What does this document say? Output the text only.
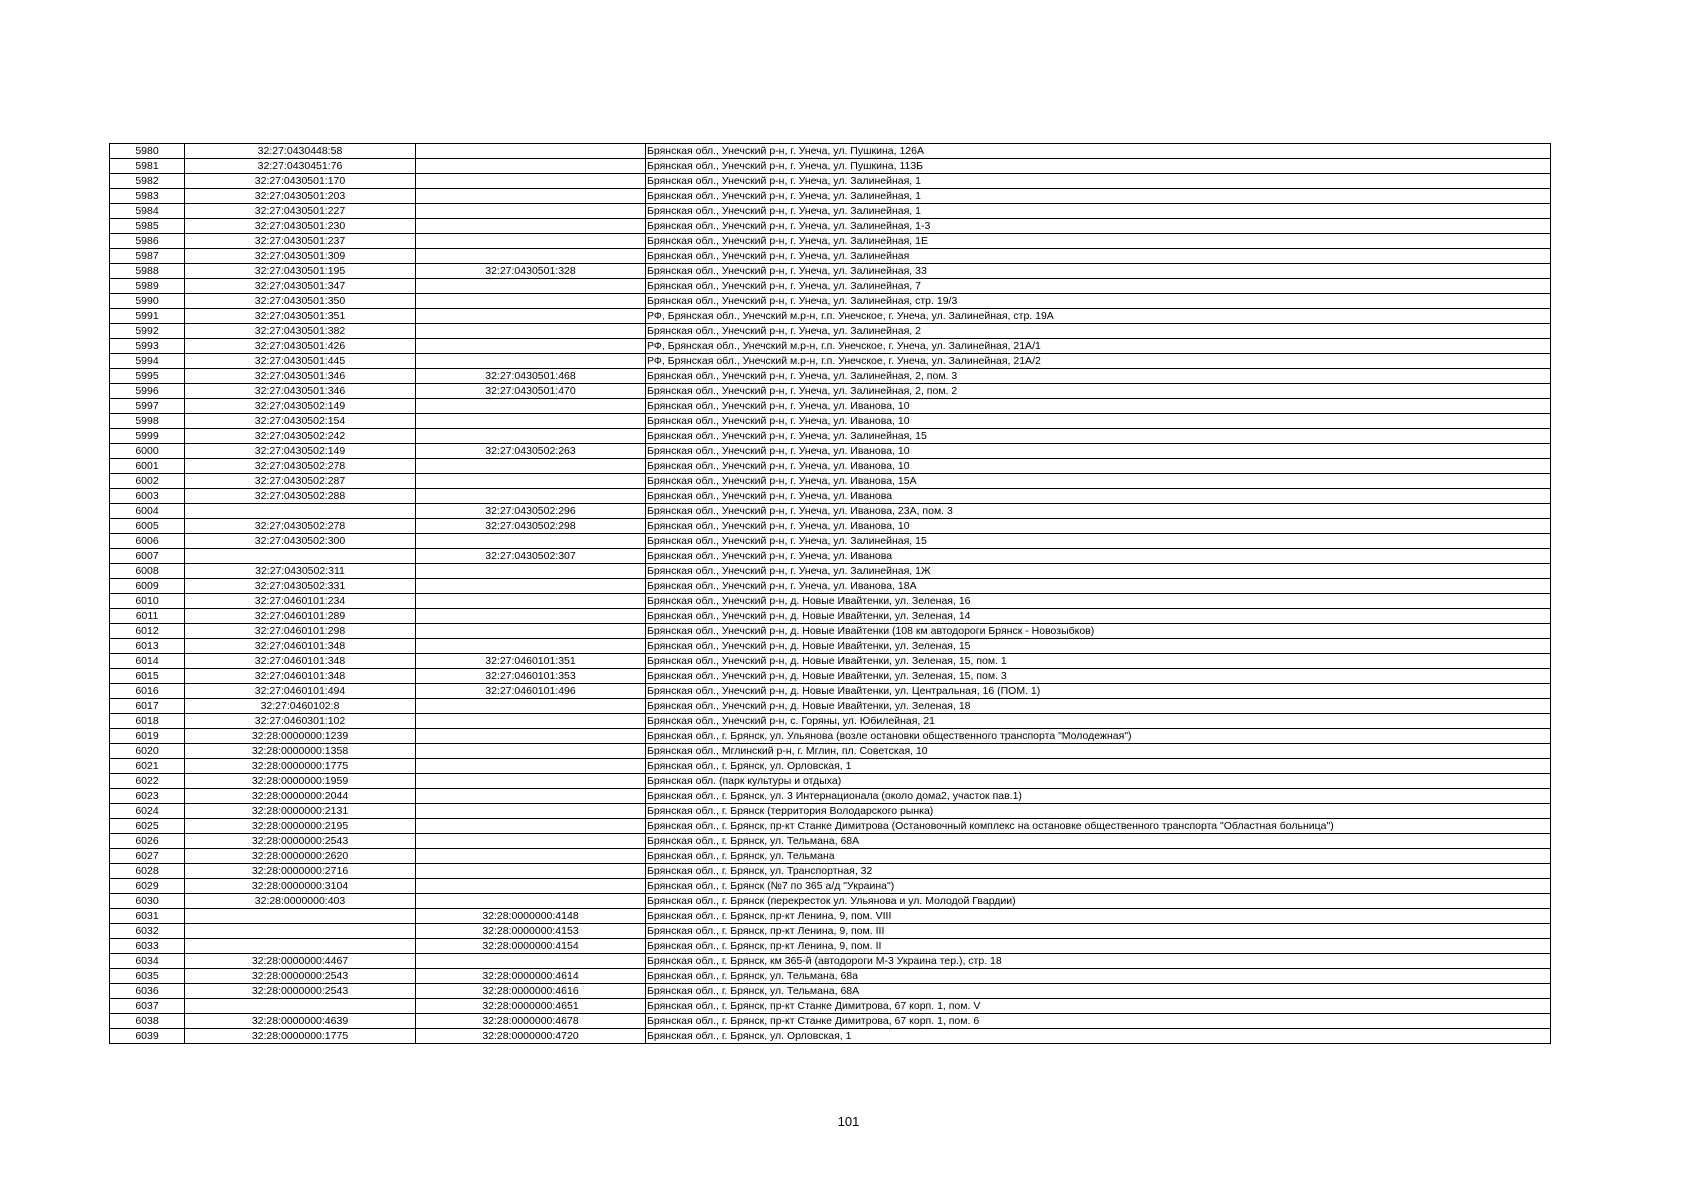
5980	32:27:0430448:58		Брянская обл., Унечский р-н, г. Унеча, ул. Пушкина, 126А
5981	32:27:0430451:76		Брянская обл., Унечский р-н, г. Унеча, ул. Пушкина, 113Б
5982	32:27:0430501:170		Брянская обл., Унечский р-н, г. Унеча, ул. Залинейная, 1
5983	32:27:0430501:203		Брянская обл., Унечский р-н, г. Унеча, ул. Залинейная, 1
5984	32:27:0430501:227		Брянская обл., Унечский р-н, г. Унеча, ул. Залинейная, 1
5985	32:27:0430501:230		Брянская обл., Унечский р-н, г. Унеча, ул. Залинейная, 1-3
5986	32:27:0430501:237		Брянская обл., Унечский р-н, г. Унеча, ул. Залинейная, 1Е
5987	32:27:0430501:309		Брянская обл., Унечский р-н, г. Унеча, ул. Залинейная
5988	32:27:0430501:195	32:27:0430501:328	Брянская обл., Унечский р-н, г. Унеча, ул. Залинейная, 33
5989	32:27:0430501:347		Брянская обл., Унечский р-н, г. Унеча, ул. Залинейная, 7
5990	32:27:0430501:350		Брянская обл., Унечский р-н, г. Унеча, ул. Залинейная, стр. 19/3
5991	32:27:0430501:351		РФ, Брянская обл., Унечский м.р-н, г.п. Унечское, г. Унеча, ул. Залинейная, стр. 19А
5992	32:27:0430501:382		Брянская обл., Унечский р-н, г. Унеча, ул. Залинейная, 2
5993	32:27:0430501:426		РФ, Брянская обл., Унечский м.р-н, г.п. Унечское, г. Унеча, ул. Залинейная, 21А/1
5994	32:27:0430501:445		РФ, Брянская обл., Унечский м.р-н, г.п. Унечское, г. Унеча, ул. Залинейная, 21А/2
5995	32:27:0430501:346	32:27:0430501:468	Брянская обл., Унечский р-н, г. Унеча, ул. Залинейная, 2, пом. 3
5996	32:27:0430501:346	32:27:0430501:470	Брянская обл., Унечский р-н, г. Унеча, ул. Залинейная, 2, пом. 2
5997	32:27:0430502:149		Брянская обл., Унечский р-н, г. Унеча, ул. Иванова, 10
5998	32:27:0430502:154		Брянская обл., Унечский р-н, г. Унеча, ул. Иванова, 10
5999	32:27:0430502:242		Брянская обл., Унечский р-н, г. Унеча, ул. Залинейная, 15
6000	32:27:0430502:149	32:27:0430502:263	Брянская обл., Унечский р-н, г. Унеча, ул. Иванова, 10
6001	32:27:0430502:278		Брянская обл., Унечский р-н, г. Унеча, ул. Иванова, 10
6002	32:27:0430502:287		Брянская обл., Унечский р-н, г. Унеча, ул. Иванова, 15А
6003	32:27:0430502:288		Брянская обл., Унечский р-н, г. Унеча, ул. Иванова
6004		32:27:0430502:296	Брянская обл., Унечский р-н, г. Унеча, ул. Иванова, 23А, пом. 3
6005	32:27:0430502:278	32:27:0430502:298	Брянская обл., Унечский р-н, г. Унеча, ул. Иванова, 10
6006	32:27:0430502:300		Брянская обл., Унечский р-н, г. Унеча, ул. Залинейная, 15
6007		32:27:0430502:307	Брянская обл., Унечский р-н, г. Унеча, ул. Иванова
6008	32:27:0430502:311		Брянская обл., Унечский р-н, г. Унеча, ул. Залинейная, 1Ж
6009	32:27:0430502:331		Брянская обл., Унечский р-н, г. Унеча, ул. Иванова, 18А
6010	32:27:0460101:234		Брянская обл., Унечский р-н, д. Новые Ивайтенки, ул. Зеленая, 16
6011	32:27:0460101:289		Брянская обл., Унечский р-н, д. Новые Ивайтенки, ул. Зеленая, 14
6012	32:27:0460101:298		Брянская обл., Унечский р-н, д. Новые Ивайтенки (108 км автодороги Брянск - Новозыбков)
6013	32:27:0460101:348		Брянская обл., Унечский р-н, д. Новые Ивайтенки, ул. Зеленая, 15
6014	32:27:0460101:348	32:27:0460101:351	Брянская обл., Унечский р-н, д. Новые Ивайтенки, ул. Зеленая, 15, пом. 1
6015	32:27:0460101:348	32:27:0460101:353	Брянская обл., Унечский р-н, д. Новые Ивайтенки, ул. Зеленая, 15, пом. 3
6016	32:27:0460101:494	32:27:0460101:496	Брянская обл., Унечский р-н, д. Новые Ивайтенки, ул. Центральная, 16 (ПОМ. 1)
6017	32:27:0460102:8		Брянская обл., Унечский р-н, д. Новые Ивайтенки, ул. Зеленая, 18
6018	32:27:0460301:102		Брянская обл., Унечский р-н, с. Горяны, ул. Юбилейная, 21
6019	32:28:0000000:1239		Брянская обл., г. Брянск, ул. Ульянова (возле остановки общественного транспорта "Молодежная")
6020	32:28:0000000:1358		Брянская обл., Мглинский р-н, г. Мглин, пл. Советская, 10
6021	32:28:0000000:1775		Брянская обл., г. Брянск, ул. Орловская, 1
6022	32:28:0000000:1959		Брянская обл. (парк культуры и отдыха)
6023	32:28:0000000:2044		Брянская обл., г. Брянск, ул. 3 Интернационала (около дома2, участок пав.1)
6024	32:28:0000000:2131		Брянская обл., г. Брянск (территория Володарского рынка)
6025	32:28:0000000:2195		Брянская обл., г. Брянск, пр-кт Станке Димитрова (Остановочный комплекс на остановке общественного транспорта "Областная больница")
6026	32:28:0000000:2543		Брянская обл., г. Брянск, ул. Тельмана, 68А
6027	32:28:0000000:2620		Брянская обл., г. Брянск, ул. Тельмана
6028	32:28:0000000:2716		Брянская обл., г. Брянск, ул. Транспортная, 32
6029	32:28:0000000:3104		Брянская обл., г. Брянск (№7 по 365 а/д "Украина")
6030	32:28:0000000:403		Брянская обл., г. Брянск (перекресток ул. Ульянова и ул. Молодой Гвардии)
6031		32:28:0000000:4148	Брянская обл., г. Брянск, пр-кт Ленина, 9, пом. VIII
6032		32:28:0000000:4153	Брянская обл., г. Брянск, пр-кт Ленина, 9, пом. III
6033		32:28:0000000:4154	Брянская обл., г. Брянск, пр-кт Ленина, 9, пом. II
6034	32:28:0000000:4467		Брянская обл., г. Брянск, км 365-й (автодороги М-3 Украина тер.), стр. 18
6035	32:28:0000000:2543	32:28:0000000:4614	Брянская обл., г. Брянск, ул. Тельмана, 68а
6036	32:28:0000000:2543	32:28:0000000:4616	Брянская обл., г. Брянск, ул. Тельмана, 68А
6037		32:28:0000000:4651	Брянская обл., г. Брянск, пр-кт Станке Димитрова, 67 корп. 1, пом. V
6038	32:28:0000000:4639	32:28:0000000:4678	Брянская обл., г. Брянск, пр-кт Станке Димитрова, 67 корп. 1, пом. 6
6039	32:28:0000000:1775	32:28:0000000:4720	Брянская обл., г. Брянск, ул. Орловская, 1
101
